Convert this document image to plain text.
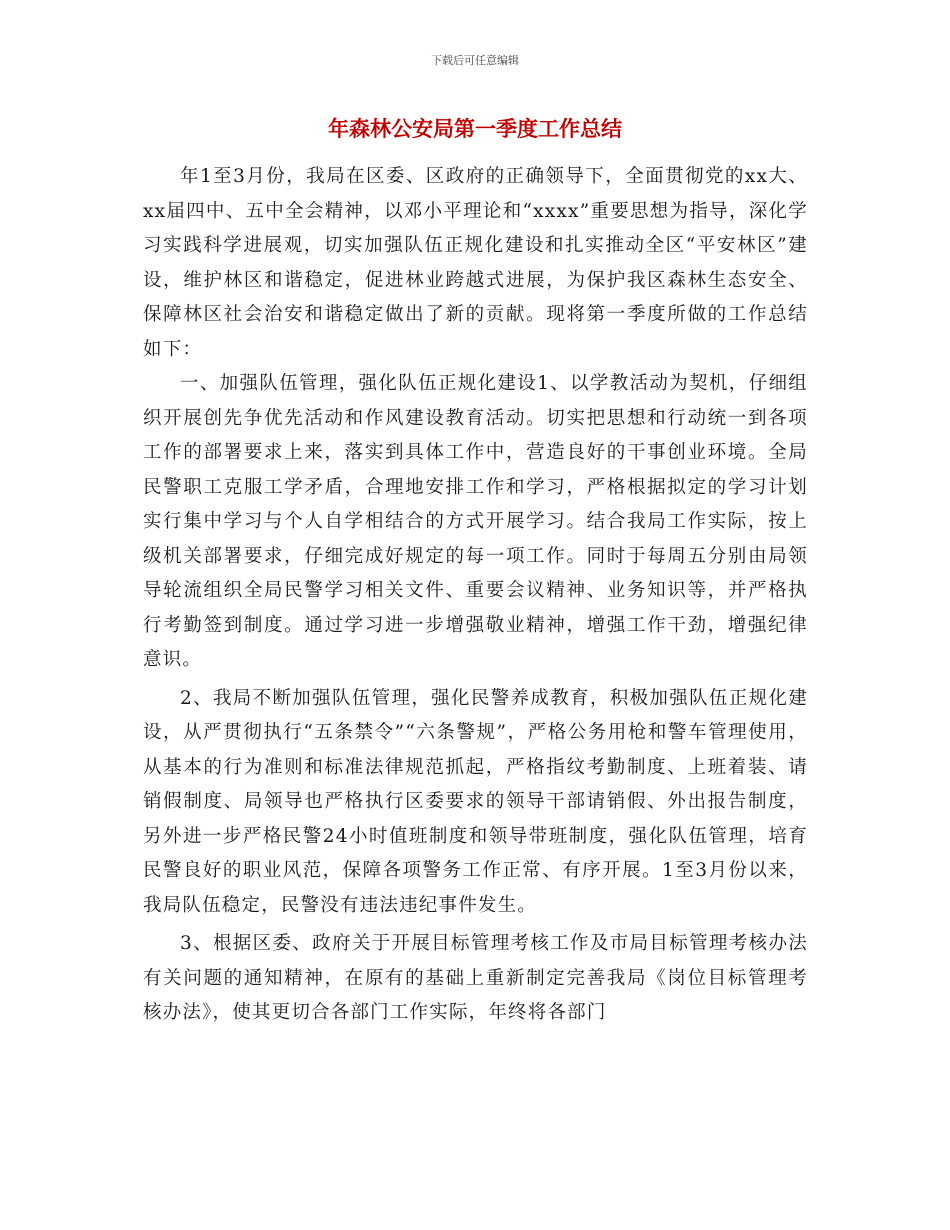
下载后可任意编辑
年森林公安局第一季度工作总结

年1至3月份，我局在区委、区政府的正确领导下，全面贯彻党的xx大、xx届四中、五中全会精神，以邓小平理论和“xxxx”重要思想为指导，深化学习实践科学进展观，切实加强队伍正规化建设和扎实推动全区“平安林区”建设，维护林区和谐稳定，促进林业跨越式进展，为保护我区森林生态安全、保障林区社会治安和谐稳定做出了新的贡献。现将第一季度所做的工作总结如下：

一、加强队伍管理，强化队伍正规化建设1、以学教活动为契机，仔细组织开展创先争优先活动和作风建设教育活动。切实把思想和行动统一到各项工作的部署要求上来，落实到具体工作中，营造良好的干事创业环境。全局民警职工克服工学矛盾，合理地安排工作和学习，严格根据拟定的学习计划实行集中学习与个人自学相结合的方式开展学习。结合我局工作实际，按上级机关部署要求，仔细完成好规定的每一项工作。同时于每周五分别由局领导轮流组织全局民警学习相关文件、重要会议精神、业务知识等，并严格执行考勤签到制度。通过学习进一步增强敬业精神，增强工作干劲，增强纪律意识。

2、我局不断加强队伍管理，强化民警养成教育，积极加强队伍正规化建设，从严贯彻执行“五条禁令”“六条警规”，严格公务用枪和警车管理使用，从基本的行为准则和标准法律规范抓起，严格指纹考勤制度、上班着装、请销假制度、局领导也严格执行区委要求的领导干部请销假、外出报告制度，另外进一步严格民警24小时值班制度和领导带班制度，强化队伍管理，培育民警良好的职业风范，保障各项警务工作正常、有序开展。1至3月份以来，我局队伍稳定，民警没有违法违纪事件发生。

3、根据区委、政府关于开展目标管理考核工作及市局目标管理考核办法有关问题的通知精神，在原有的基础上重新制定完善我局《岗位目标管理考核办法》，使其更切合各部门工作实际，年终将各部门
